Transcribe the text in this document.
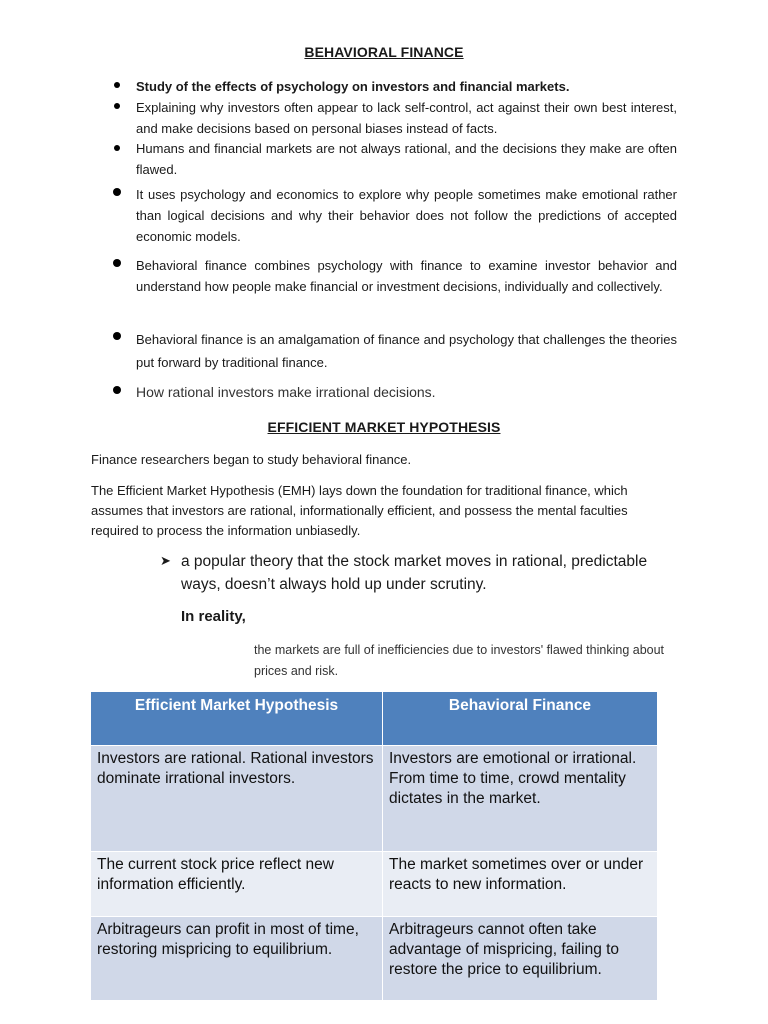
BEHAVIORAL FINANCE
Study of the effects of psychology on investors and financial markets.
Explaining why investors often appear to lack self-control, act against their own best interest, and make decisions based on personal biases instead of facts.
Humans and financial markets are not always rational, and the decisions they make are often flawed.
It uses psychology and economics to explore why people sometimes make emotional rather than logical decisions and why their behavior does not follow the predictions of accepted economic models.
Behavioral finance combines psychology with finance to examine investor behavior and understand how people make financial or investment decisions, individually and collectively.
Behavioral finance is an amalgamation of finance and psychology that challenges the theories put forward by traditional finance.
How rational investors make irrational decisions.
EFFICIENT MARKET HYPOTHESIS
Finance researchers began to study behavioral finance.
The Efficient Market Hypothesis (EMH) lays down the foundation for traditional finance, which assumes that investors are rational, informationally efficient, and possess the mental faculties required to process the information unbiasedly.
➤ a popular theory that the stock market moves in rational, predictable ways, doesn’t always hold up under scrutiny.
In reality,
the markets are full of inefficiencies due to investors' flawed thinking about prices and risk.
Efficient Market Hypothesis	Behavioral Finance
Investors are rational. Rational investors dominate irrational investors.	Investors are emotional or irrational. From time to time, crowd mentality dictates in the market.
The current stock price reflect new information efficiently.	The market sometimes over or under reacts to new information.
Arbitrageurs can profit in most of time, restoring mispricing to equilibrium.	Arbitrageurs cannot often take advantage of mispricing, failing to restore the price to equilibrium.
